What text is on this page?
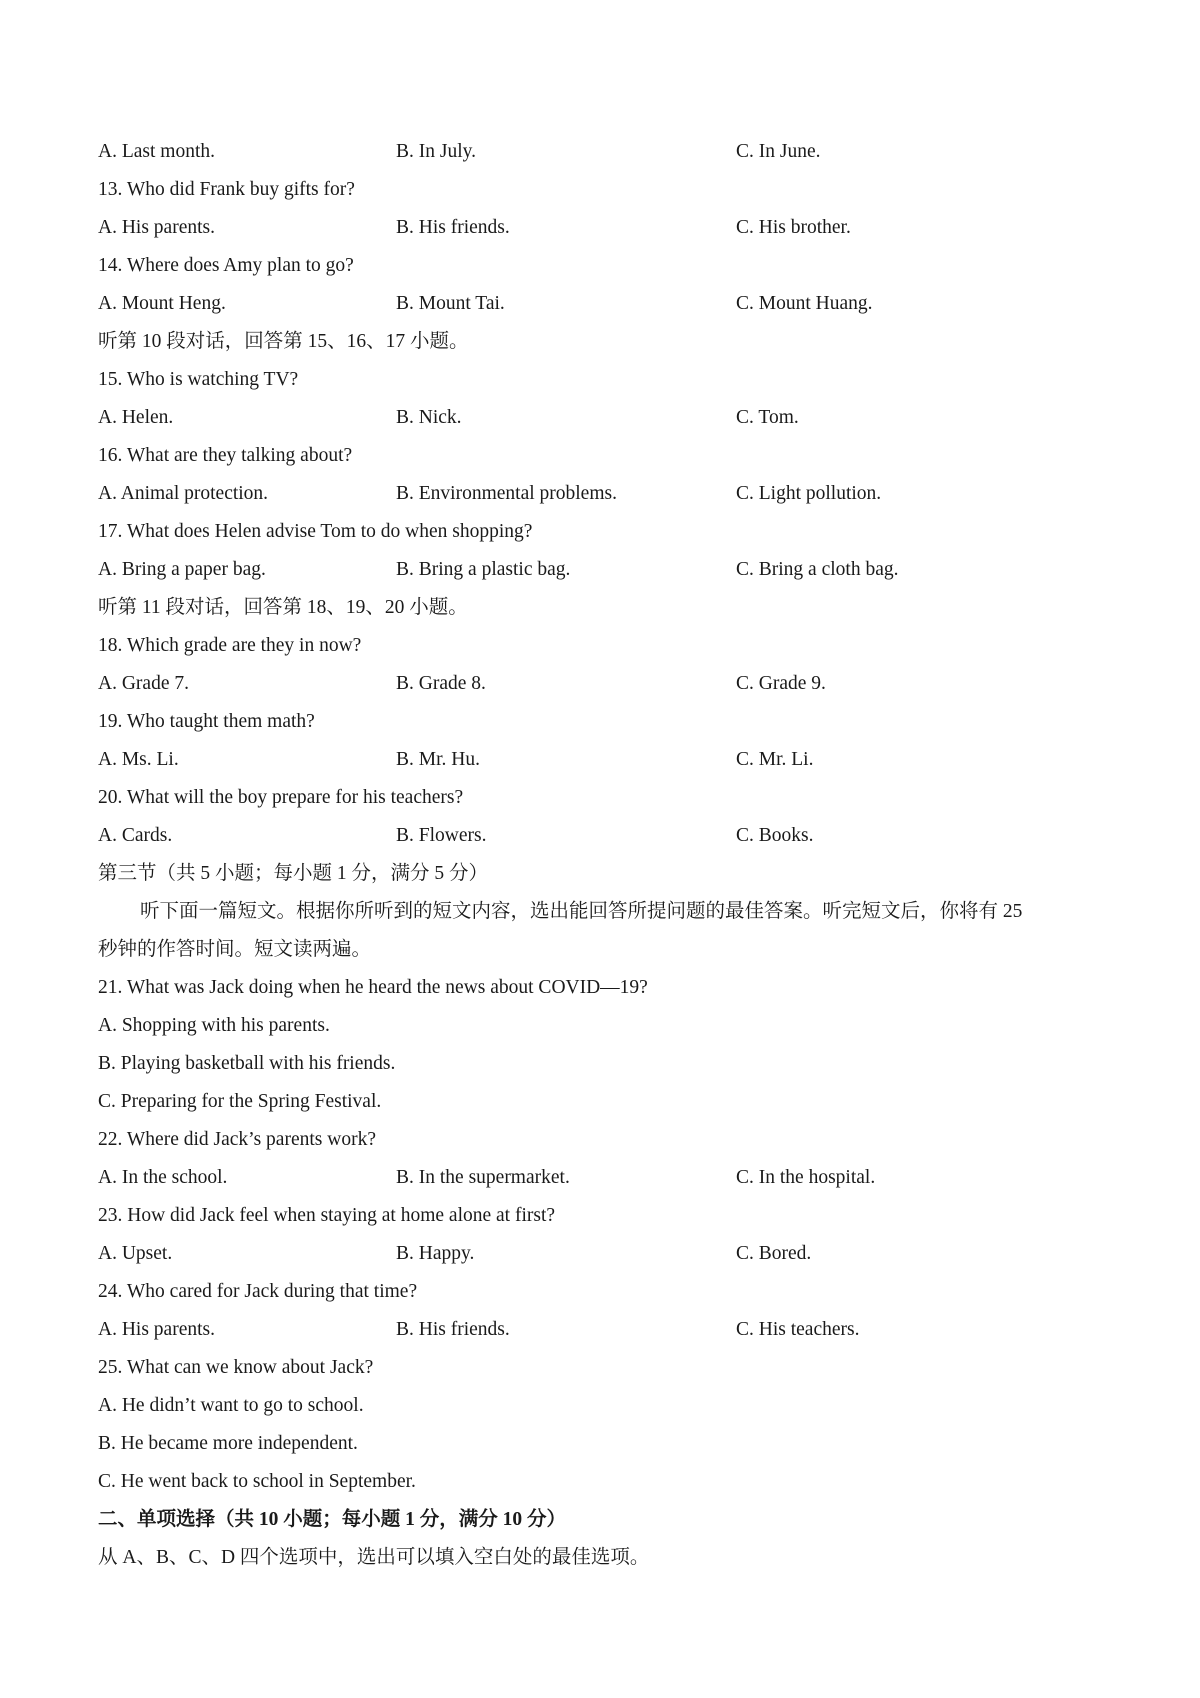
A. Last month.	B. In July.	C. In June.
13. Who did Frank buy gifts for?
A. His parents.	B. His friends.	C. His brother.
14. Where does Amy plan to go?
A. Mount Heng.	B. Mount Tai.	C. Mount Huang.
听第 10 段对话，回答第 15、16、17 小题。
15. Who is watching TV?
A. Helen.	B. Nick.	C. Tom.
16. What are they talking about?
A. Animal protection.	B. Environmental problems.	C. Light pollution.
17. What does Helen advise Tom to do when shopping?
A. Bring a paper bag.	B. Bring a plastic bag.	C. Bring a cloth bag.
听第 11 段对话，回答第 18、19、20 小题。
18. Which grade are they in now?
A. Grade 7.	B. Grade 8.	C. Grade 9.
19. Who taught them math?
A. Ms. Li.	B. Mr. Hu.	C. Mr. Li.
20. What will the boy prepare for his teachers?
A. Cards.	B. Flowers.	C. Books.
第三节（共 5 小题；每小题 1 分，满分 5 分）
听下面一篇短文。根据你所听到的短文内容，选出能回答所提问题的最佳答案。听完短文后，你将有 25
秒钟的作答时间。短文读两遍。
21. What was Jack doing when he heard the news about COVID—19?
A. Shopping with his parents.
B. Playing basketball with his friends.
C. Preparing for the Spring Festival.
22. Where did Jack’s parents work?
A. In the school.	B. In the supermarket.	C. In the hospital.
23. How did Jack feel when staying at home alone at first?
A. Upset.	B. Happy.	C. Bored.
24. Who cared for Jack during that time?
A. His parents.	B. His friends.	C. His teachers.
25. What can we know about Jack?
A. He didn’t want to go to school.
B. He became more independent.
C. He went back to school in September.
二、单项选择（共 10 小题；每小题 1 分，满分 10 分）
从 A、B、C、D 四个选项中，选出可以填入空白处的最佳选项。
